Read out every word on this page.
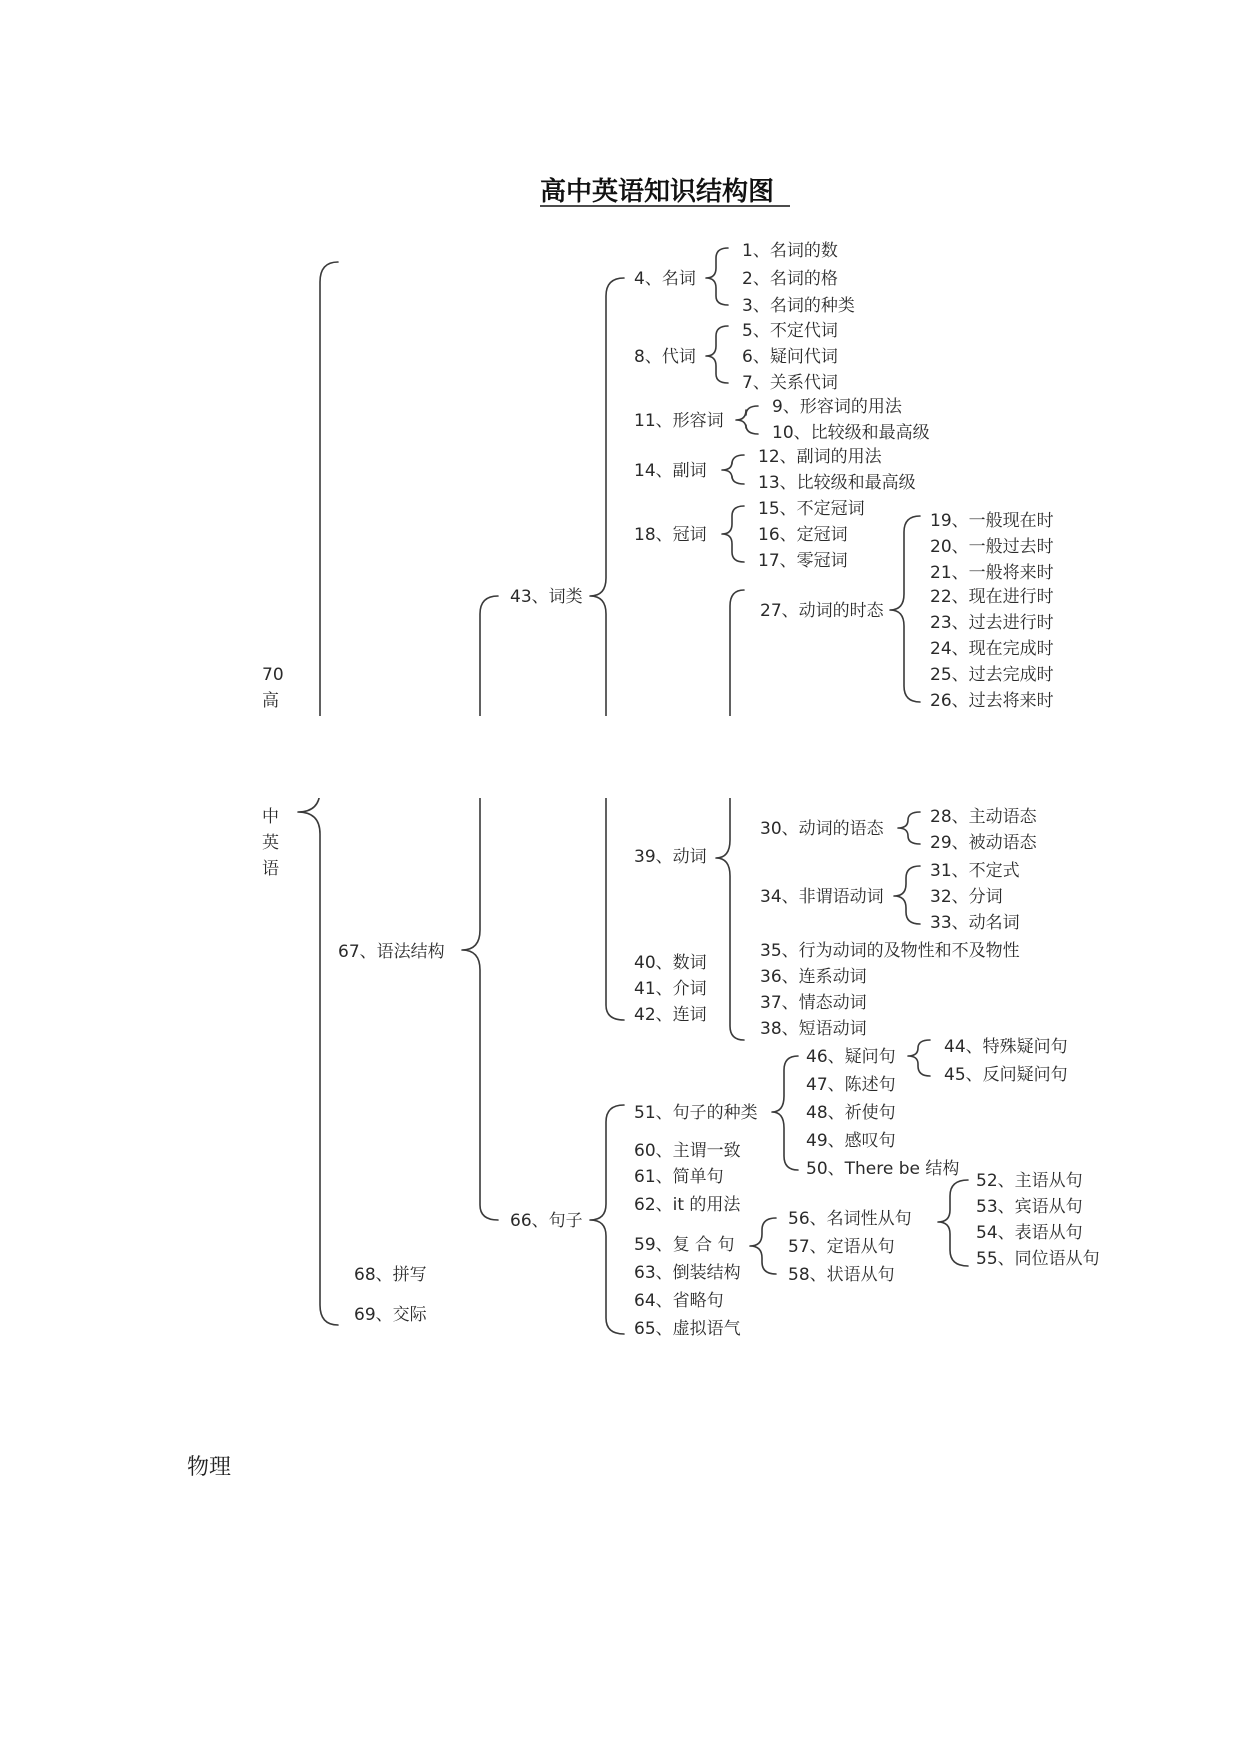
高中英语知识结构图
70
高
中
英
语
67、语法结构
68、拼写
69、交际
43、词类
66、句子
4、名词
1、名词的数
2、名词的格
3、名词的种类
8、代词
5、不定代词
6、疑问代词
7、关系代词
11、形容词
9、形容词的用法
10、比较级和最高级
14、副词
12、副词的用法
13、比较级和最高级
18、冠词
15、不定冠词
16、定冠词
17、零冠词
27、动词的时态
19、一般现在时
20、一般过去时
21、一般将来时
22、现在进行时
23、过去进行时
24、现在完成时
25、过去完成时
26、过去将来时
39、动词
30、动词的语态
28、主动语态
29、被动语态
34、非谓语动词
31、不定式
32、分词
33、动名词
35、行为动词的及物性和不及物性
36、连系动词
37、情态动词
38、短语动词
40、数词
41、介词
42、连词
51、句子的种类
46、疑问句	44、特殊疑问句
45、反问疑问句
47、陈述句
48、祈使句
49、感叹句
50、There be 结构
60、主谓一致
61、简单句
62、it 的用法
59、复 合 句
56、名词性从句
52、主语从句
53、宾语从句
54、表语从句
55、同位语从句
57、定语从句
58、状语从句
63、倒装结构
64、省略句
65、虚拟语气
物理
